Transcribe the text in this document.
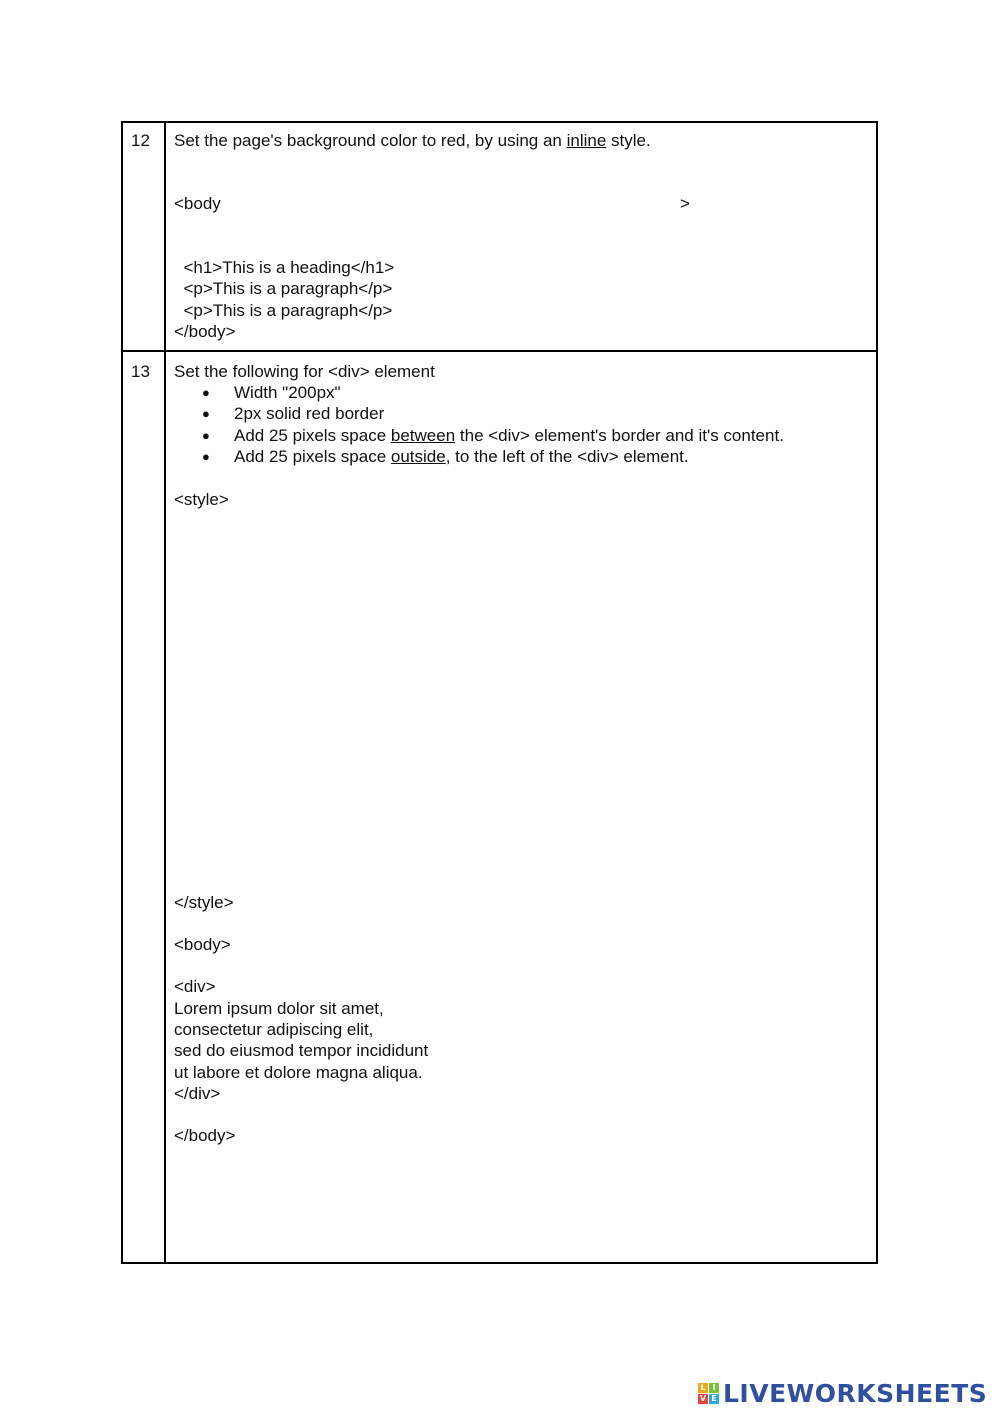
12 Set the page's background color to red, by using an inline style.
<body	>
<h1>This is a heading</h1>
<p>This is a paragraph</p>
<p>This is a paragraph</p>
</body>
13 Set the following for <div> element
● Width "200px"
● 2px solid red border
● Add 25 pixels space between the <div> element's border and it's content.
● Add 25 pixels space outside, to the left of the <div> element.
<style>
</style>
<body>
<div>
Lorem ipsum dolor sit amet,
consectetur adipiscing elit,
sed do eiusmod tempor incididunt
ut labore et dolore magna aliqua.
</div>
</body>
L I
V E LIVEWORKSHEETS
